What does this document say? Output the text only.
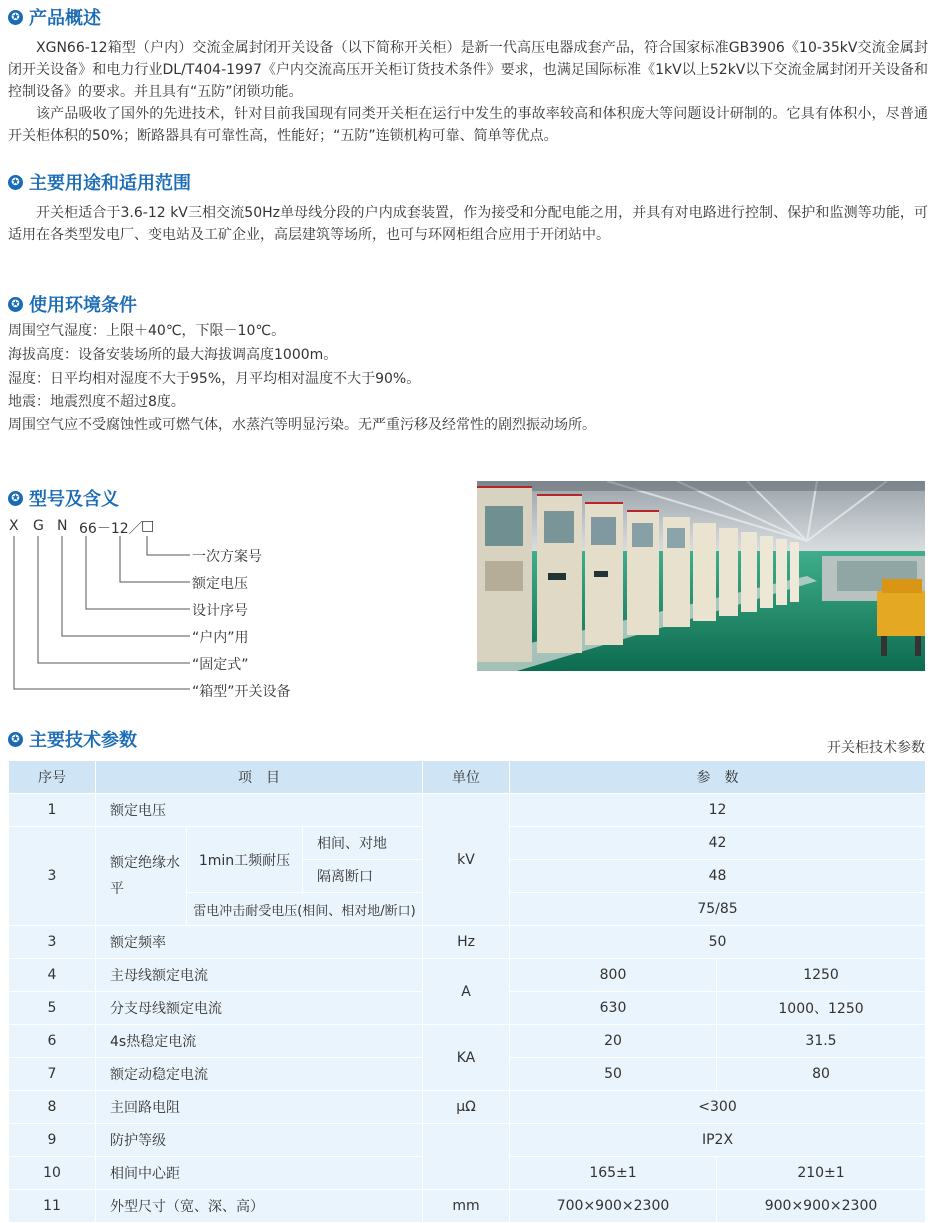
✪ 产品概述
XGN66-12箱型（户内）交流金属封闭开关设备（以下简称开关柜）是新一代高压电器成套产品，符合国家标准GB3906《10-35kV交流金属封闭开关设备》和电力行业DL/T404-1997《户内交流高压开关柜订货技术条件》要求，也满足国际标准《1kV以上52kV以下交流金属封闭开关设备和控制设备》的要求。并且具有“五防”闭锁功能。
该产品吸收了国外的先进技术，针对目前我国现有同类开关柜在运行中发生的事故率较高和体积庞大等问题设计研制的。它具有体积小，尽普通开关柜体积的50%；断路器具有可靠性高，性能好；“五防”连锁机构可靠、简单等优点。
✪ 主要用途和适用范围
开关柜适合于3.6-12 kV三相交流50Hz单母线分段的户内成套装置，作为接受和分配电能之用，并具有对电路进行控制、保护和监测等功能，可适用在各类型发电厂、变电站及工矿企业，高层建筑等场所，也可与环网柜组合应用于开闭站中。
✪ 使用环境条件
周围空气湿度：上限＋40℃，下限－10℃。
海拔高度：设备安装场所的最大海拔调高度1000m。
湿度：日平均相对湿度不大于95%，月平均相对温度不大于90%。
地震：地震烈度不超过8度。
周围空气应不受腐蚀性或可燃气体，水蒸汽等明显污染。无严重污移及经常性的剧烈振动场所。
✪ 型号及含义
X G N 66－12／
□
一次方案号
额定电压
设计序号
“户内”用
“固定式”
“箱型”开关设备
✪ 主要技术参数	开关柜技术参数
序号	项　目			单位	参　数	
1	额定电压			kV	12	
3	额定绝缘水平	1min工频耐压	相间、对地		42	
			隔离断口		48	
		雷电冲击耐受电压(相间、相对地/断口)			75/85	
3	额定频率			Hz	50	
4	主母线额定电流			A	800	1250
5	分支母线额定电流				630	1000、1250
6	4s热稳定电流			KA	20	31.5
7	额定动稳定电流				50	80
8	主回路电阻			μΩ	<300	
9	防护等级				IP2X	
10	相间中心距				165±1	210±1
11	外型尺寸（宽、深、高）			mm	700×900×2300	900×900×2300
